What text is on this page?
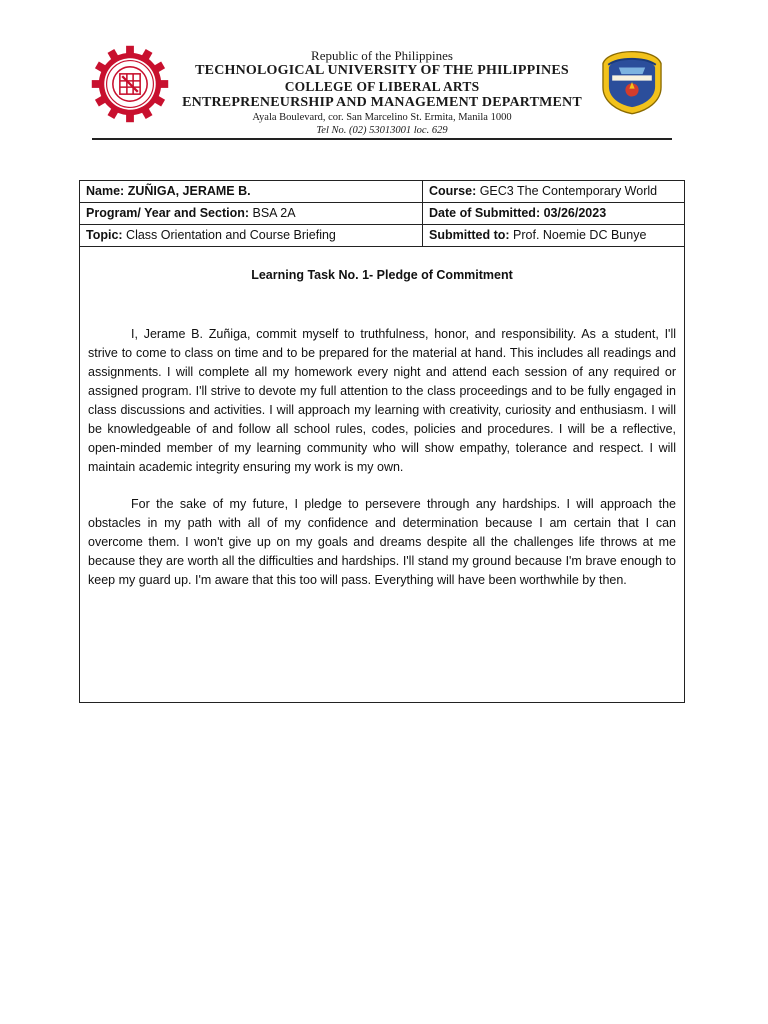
Republic of the Philippines
TECHNOLOGICAL UNIVERSITY OF THE PHILIPPINES
COLLEGE OF LIBERAL ARTS
ENTREPRENEURSHIP AND MANAGEMENT DEPARTMENT
Ayala Boulevard, cor. San Marcelino St. Ermita, Manila 1000
Tel No. (02) 53013001 loc. 629
Name: ZUÑIGA, JERAME B.	Course: GEC3 The Contemporary World
Program/ Year and Section: BSA 2A	Date of Submitted: 03/26/2023
Topic: Class Orientation and Course Briefing	Submitted to: Prof. Noemie DC Bunye
Learning Task No. 1- Pledge of Commitment

I, Jerame B. Zuñiga, commit myself to truthfulness, honor, and responsibility. As a student, I'll strive to come to class on time and to be prepared for the material at hand. This includes all readings and assignments. I will complete all my homework every night and attend each session of any required or assigned program. I'll strive to devote my full attention to the class proceedings and to be fully engaged in class discussions and activities. I will approach my learning with creativity, curiosity and enthusiasm. I will be knowledgeable of and follow all school rules, codes, policies and procedures. I will be a reflective, open-minded member of my learning community who will show empathy, tolerance and respect. I will maintain academic integrity ensuring my work is my own.

For the sake of my future, I pledge to persevere through any hardships. I will approach the obstacles in my path with all of my confidence and determination because I am certain that I can overcome them. I won't give up on my goals and dreams despite all the challenges life throws at me because they are worth all the difficulties and hardships. I'll stand my ground because I'm brave enough to keep my guard up. I'm aware that this too will pass. Everything will have been worthwhile by then.
